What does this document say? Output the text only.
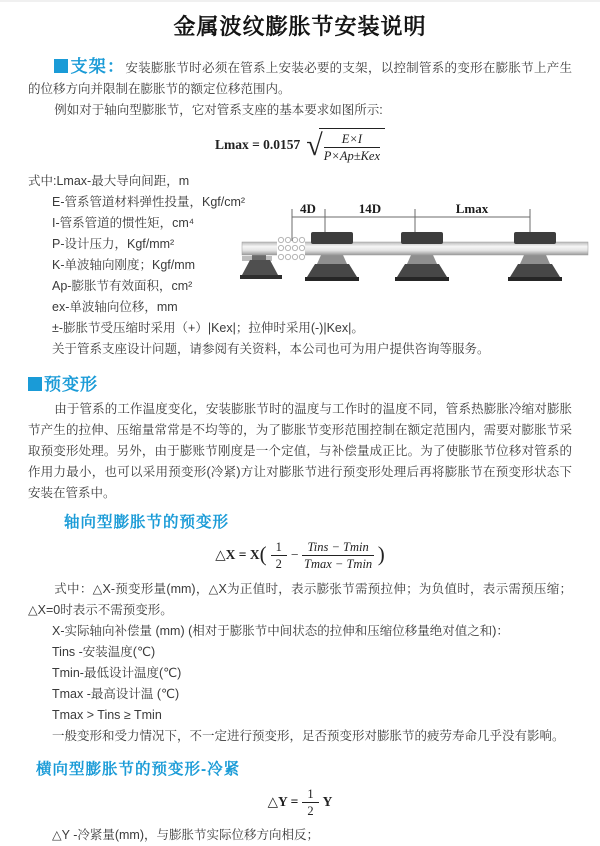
金属波纹膨胀节安装说明

支架：安装膨胀节时必须在管系上安装必要的支架，以控制管系的变形在膨胀节上产生的位移方向并限制在膨胀节的额定位移范围内。

例如对于轴向型膨胀节，它对管系支座的基本要求如图所示:

Lmax = 0.0157 √ $\frac{E\times I}{\text{P×Ap±Kex}}$
式中:Lmax-最大导向间距，m
E-管系管道材料弹性投量，Kgf/cm²
I-管系管道的惯性矩，cm⁴
P-设计压力，Kgf/mm²
K-单波轴向刚度；Kgf/mm
Ap-膨胀节有效面积，cm²
ex-单波轴向位移，mm
±-膨胀节受压缩时采用（+）|Kex|；拉伸时采用(-)|Kex|。
关于管系支座设计问题，请参阅有关资料，本公司也可为用户提供咨询等服务。
4D	14D	Lmax

预变形

由于管系的工作温度变化，安装膨胀节时的温度与工作时的温度不同，管系热膨胀冷缩对膨胀节产生的拉伸、压缩量常常是不均等的，为了膨胀节变形范围控制在额定范围内，需要对膨胀节采取预变形处理。另外，由于膨账节刚度是一个定值，与补偿量成正比。为了使膨胀节位移对管系的作用力最小，也可以采用预变形(冷紧)方让对膨胀节进行预变形处理后再将膨胀节在预变形状态下安装在管系中。

轴向型膨胀节的预变形
△X = $X( \frac{1}{2} - \frac{\text{Tins − Tmin}}{Tmax - Tmin}$ )

式中：△X-预变形量(mm)，△X为正值时，表示膨张节需预拉伸；为负值时，表示需预压缩；△X=0时表示不需预变形。

X-实际轴向补偿量 (mm) (相对于膨胀节中间状态的拉伸和压缩位移量绝对值之和)：
Tins -安装温度(℃)
Tmin-最低设计温度(℃)
Tmax -最高设计温 (℃)
Tmax > Tins ≥ Tmin
一般变形和受力情况下，不一定进行预变形，足否预变形对膨胀节的疲劳寿命几乎没有影响。
横向型膨胀节的预变形-冷紧
△Y = $\frac{1}{2}$ Y
△Y -冷紧量(mm)，与膨胀节实际位移方向相反；
